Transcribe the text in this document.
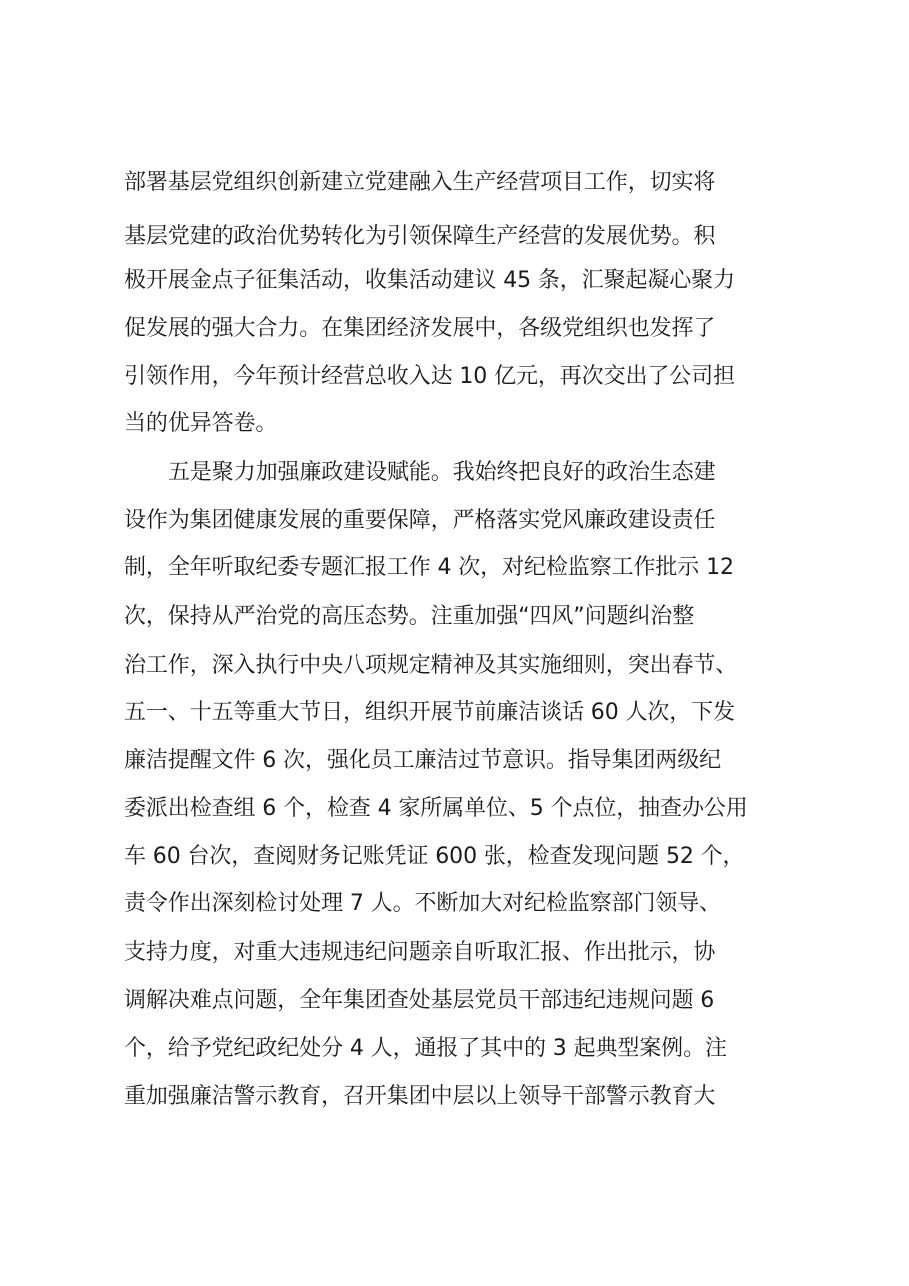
部署基层党组织创新建立党建融入生产经营项目工作，切实将
基层党建的政治优势转化为引领保障生产经营的发展优势。积
极开展金点子征集活动，收集活动建议 45 条，汇聚起凝心聚力
促发展的强大合力。在集团经济发展中，各级党组织也发挥了
引领作用，今年预计经营总收入达 10 亿元，再次交出了公司担
当的优异答卷。
五是聚力加强廉政建设赋能。我始终把良好的政治生态建
设作为集团健康发展的重要保障，严格落实党风廉政建设责任
制，全年听取纪委专题汇报工作 4 次，对纪检监察工作批示 12
次，保持从严治党的高压态势。注重加强“四风”问题纠治整
治工作，深入执行中央八项规定精神及其实施细则，突出春节、
五一、十五等重大节日，组织开展节前廉洁谈话 60 人次，下发
廉洁提醒文件 6 次，强化员工廉洁过节意识。指导集团两级纪
委派出检查组 6 个，检查 4 家所属单位、5 个点位，抽查办公用
车 60 台次，查阅财务记账凭证 600 张，检查发现问题 52 个，
责令作出深刻检讨处理 7 人。不断加大对纪检监察部门领导、
支持力度，对重大违规违纪问题亲自听取汇报、作出批示，协
调解决难点问题，全年集团查处基层党员干部违纪违规问题 6
个，给予党纪政纪处分 4 人，通报了其中的 3 起典型案例。注
重加强廉洁警示教育，召开集团中层以上领导干部警示教育大
